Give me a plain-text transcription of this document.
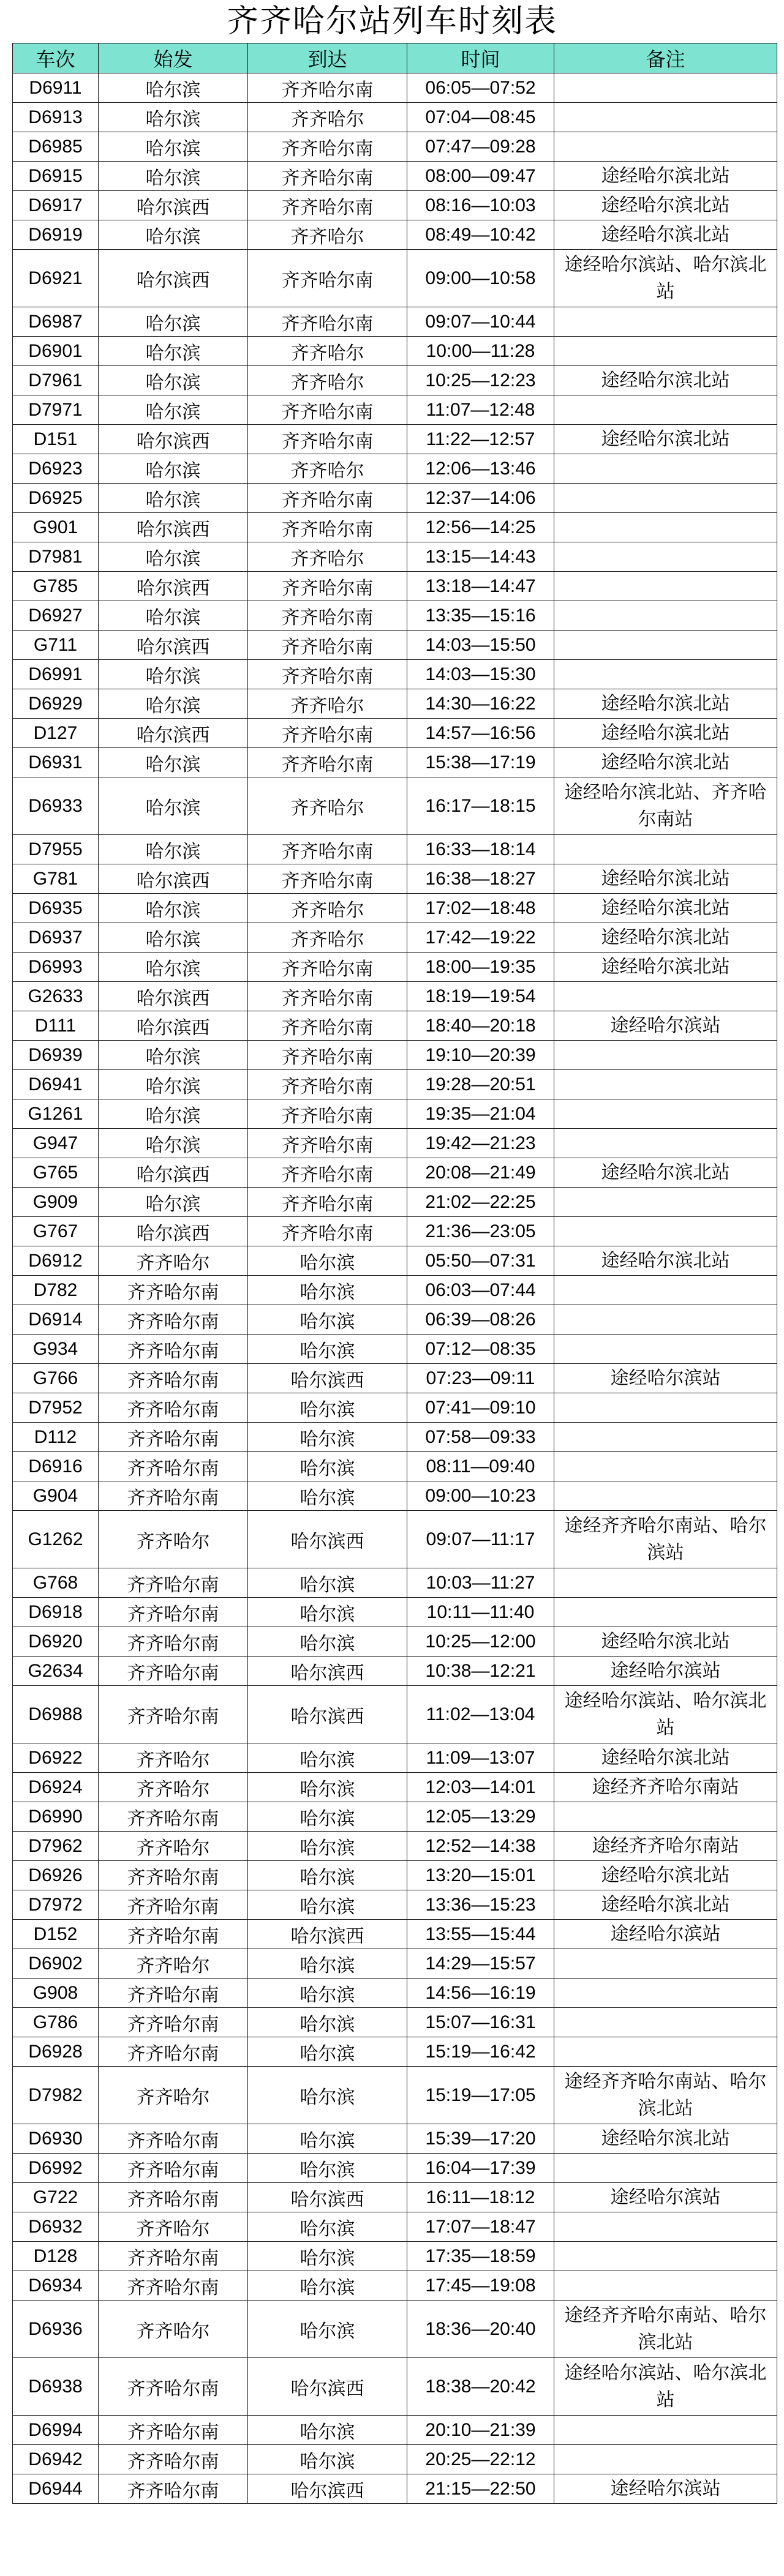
齐齐哈尔站列车时刻表
车次	始发	到达	时间	备注
D6911	哈尔滨	齐齐哈尔南	06:05—07:52	
D6913	哈尔滨	齐齐哈尔	07:04—08:45	
D6985	哈尔滨	齐齐哈尔南	07:47—09:28	
D6915	哈尔滨	齐齐哈尔南	08:00—09:47	途经哈尔滨北站
D6917	哈尔滨西	齐齐哈尔南	08:16—10:03	途经哈尔滨北站
D6919	哈尔滨	齐齐哈尔	08:49—10:42	途经哈尔滨北站
D6921	哈尔滨西	齐齐哈尔南	09:00—10:58	途经哈尔滨站、哈尔滨北站
D6987	哈尔滨	齐齐哈尔南	09:07—10:44	
D6901	哈尔滨	齐齐哈尔	10:00—11:28	
D7961	哈尔滨	齐齐哈尔	10:25—12:23	途经哈尔滨北站
D7971	哈尔滨	齐齐哈尔南	11:07—12:48	
D151	哈尔滨西	齐齐哈尔南	11:22—12:57	途经哈尔滨北站
D6923	哈尔滨	齐齐哈尔	12:06—13:46	
D6925	哈尔滨	齐齐哈尔南	12:37—14:06	
G901	哈尔滨西	齐齐哈尔南	12:56—14:25	
D7981	哈尔滨	齐齐哈尔	13:15—14:43	
G785	哈尔滨西	齐齐哈尔南	13:18—14:47	
D6927	哈尔滨	齐齐哈尔南	13:35—15:16	
G711	哈尔滨西	齐齐哈尔南	14:03—15:50	
D6991	哈尔滨	齐齐哈尔南	14:03—15:30	
D6929	哈尔滨	齐齐哈尔	14:30—16:22	途经哈尔滨北站
D127	哈尔滨西	齐齐哈尔南	14:57—16:56	途经哈尔滨北站
D6931	哈尔滨	齐齐哈尔南	15:38—17:19	途经哈尔滨北站
D6933	哈尔滨	齐齐哈尔	16:17—18:15	途经哈尔滨北站、齐齐哈尔南站
D7955	哈尔滨	齐齐哈尔南	16:33—18:14	
G781	哈尔滨西	齐齐哈尔南	16:38—18:27	途经哈尔滨北站
D6935	哈尔滨	齐齐哈尔	17:02—18:48	途经哈尔滨北站
D6937	哈尔滨	齐齐哈尔	17:42—19:22	途经哈尔滨北站
D6993	哈尔滨	齐齐哈尔南	18:00—19:35	途经哈尔滨北站
G2633	哈尔滨西	齐齐哈尔南	18:19—19:54	
D111	哈尔滨西	齐齐哈尔南	18:40—20:18	途经哈尔滨站
D6939	哈尔滨	齐齐哈尔南	19:10—20:39	
D6941	哈尔滨	齐齐哈尔南	19:28—20:51	
G1261	哈尔滨	齐齐哈尔南	19:35—21:04	
G947	哈尔滨	齐齐哈尔南	19:42—21:23	
G765	哈尔滨西	齐齐哈尔南	20:08—21:49	途经哈尔滨北站
G909	哈尔滨	齐齐哈尔南	21:02—22:25	
G767	哈尔滨西	齐齐哈尔南	21:36—23:05	
D6912	齐齐哈尔	哈尔滨	05:50—07:31	途经哈尔滨北站
D782	齐齐哈尔南	哈尔滨	06:03—07:44	
D6914	齐齐哈尔南	哈尔滨	06:39—08:26	
G934	齐齐哈尔南	哈尔滨	07:12—08:35	
G766	齐齐哈尔南	哈尔滨西	07:23—09:11	途经哈尔滨站
D7952	齐齐哈尔南	哈尔滨	07:41—09:10	
D112	齐齐哈尔南	哈尔滨	07:58—09:33	
D6916	齐齐哈尔南	哈尔滨	08:11—09:40	
G904	齐齐哈尔南	哈尔滨	09:00—10:23	
G1262	齐齐哈尔	哈尔滨西	09:07—11:17	途经齐齐哈尔南站、哈尔滨站
G768	齐齐哈尔南	哈尔滨	10:03—11:27	
D6918	齐齐哈尔南	哈尔滨	10:11—11:40	
D6920	齐齐哈尔南	哈尔滨	10:25—12:00	途经哈尔滨北站
G2634	齐齐哈尔南	哈尔滨西	10:38—12:21	途经哈尔滨站
D6988	齐齐哈尔南	哈尔滨西	11:02—13:04	途经哈尔滨站、哈尔滨北站
D6922	齐齐哈尔	哈尔滨	11:09—13:07	途经哈尔滨北站
D6924	齐齐哈尔	哈尔滨	12:03—14:01	途经齐齐哈尔南站
D6990	齐齐哈尔南	哈尔滨	12:05—13:29	
D7962	齐齐哈尔	哈尔滨	12:52—14:38	途经齐齐哈尔南站
D6926	齐齐哈尔南	哈尔滨	13:20—15:01	途经哈尔滨北站
D7972	齐齐哈尔南	哈尔滨	13:36—15:23	途经哈尔滨北站
D152	齐齐哈尔南	哈尔滨西	13:55—15:44	途经哈尔滨站
D6902	齐齐哈尔	哈尔滨	14:29—15:57	
G908	齐齐哈尔南	哈尔滨	14:56—16:19	
G786	齐齐哈尔南	哈尔滨	15:07—16:31	
D6928	齐齐哈尔南	哈尔滨	15:19—16:42	
D7982	齐齐哈尔	哈尔滨	15:19—17:05	途经齐齐哈尔南站、哈尔滨北站
D6930	齐齐哈尔南	哈尔滨	15:39—17:20	途经哈尔滨北站
D6992	齐齐哈尔南	哈尔滨	16:04—17:39	
G722	齐齐哈尔南	哈尔滨西	16:11—18:12	途经哈尔滨站
D6932	齐齐哈尔	哈尔滨	17:07—18:47	
D128	齐齐哈尔南	哈尔滨	17:35—18:59	
D6934	齐齐哈尔南	哈尔滨	17:45—19:08	
D6936	齐齐哈尔	哈尔滨	18:36—20:40	途经齐齐哈尔南站、哈尔滨北站
D6938	齐齐哈尔南	哈尔滨西	18:38—20:42	途经哈尔滨站、哈尔滨北站
D6994	齐齐哈尔南	哈尔滨	20:10—21:39	
D6942	齐齐哈尔南	哈尔滨	20:25—22:12	
D6944	齐齐哈尔南	哈尔滨西	21:15—22:50	途经哈尔滨站
